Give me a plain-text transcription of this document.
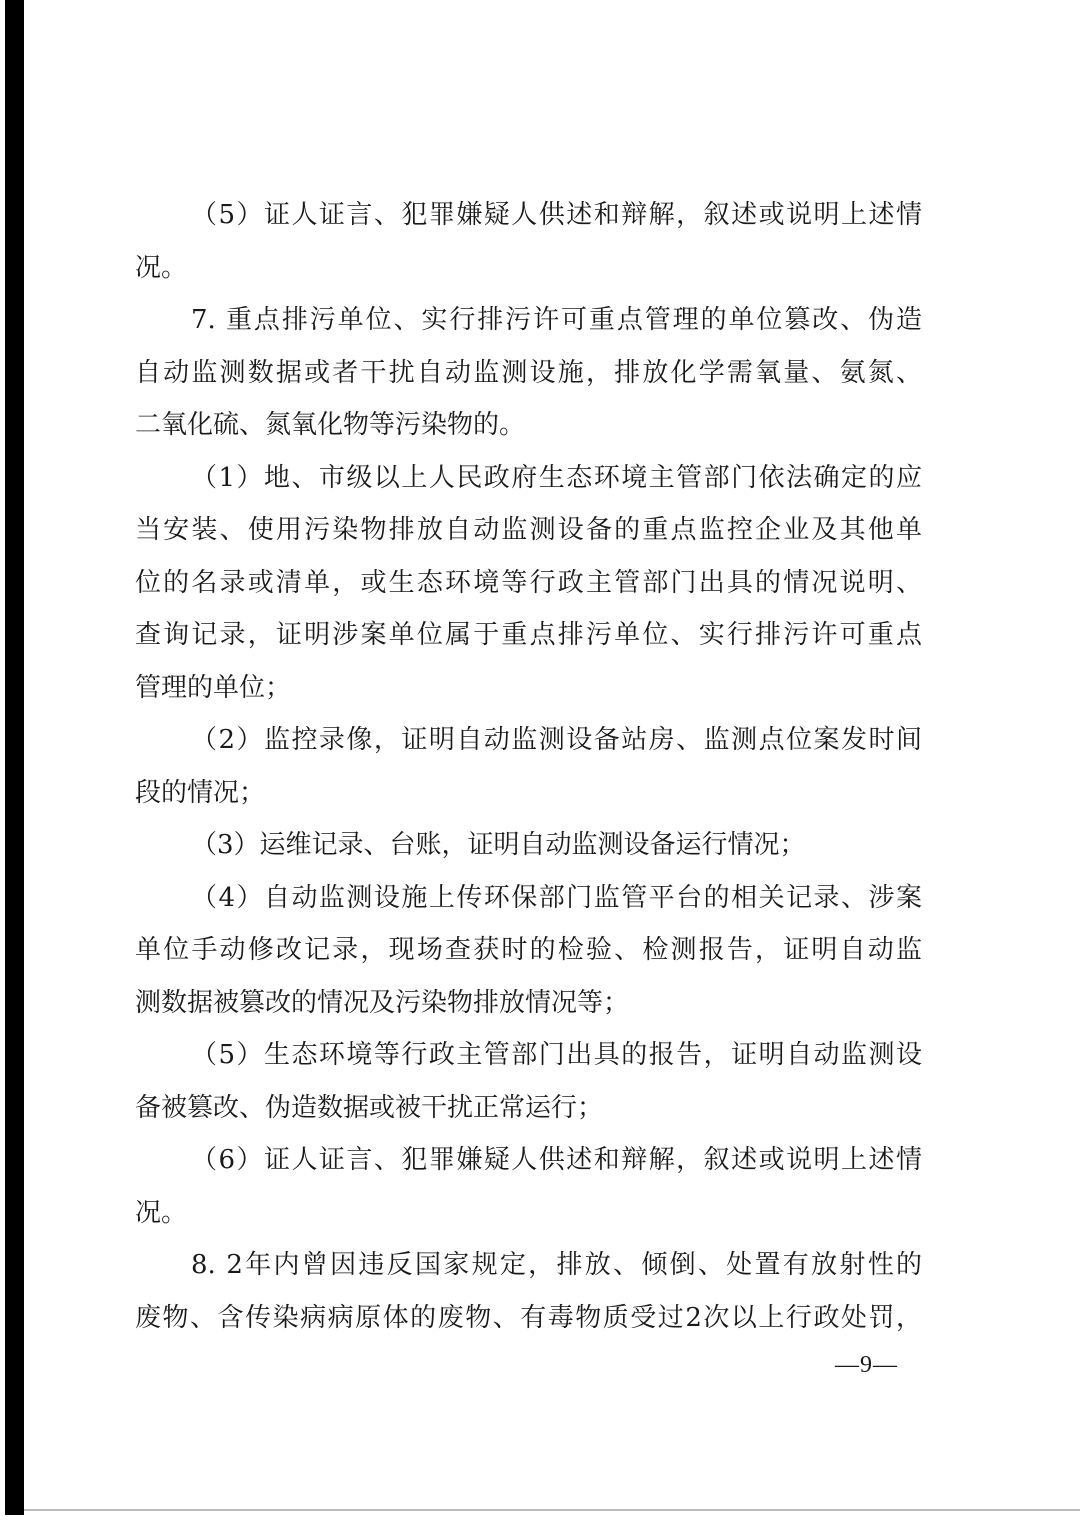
（5）证人证言、犯罪嫌疑人供述和辩解，叙述或说明上述情
况。
7. 重点排污单位、实行排污许可重点管理的单位篡改、伪造
自动监测数据或者干扰自动监测设施，排放化学需氧量、氨氮、
二氧化硫、氮氧化物等污染物的。
（1）地、市级以上人民政府生态环境主管部门依法确定的应
当安装、使用污染物排放自动监测设备的重点监控企业及其他单
位的名录或清单，或生态环境等行政主管部门出具的情况说明、
查询记录，证明涉案单位属于重点排污单位、实行排污许可重点
管理的单位；
（2）监控录像，证明自动监测设备站房、监测点位案发时间
段的情况；
（3）运维记录、台账，证明自动监测设备运行情况；
（4）自动监测设施上传环保部门监管平台的相关记录、涉案
单位手动修改记录，现场查获时的检验、检测报告，证明自动监
测数据被篡改的情况及污染物排放情况等；
（5）生态环境等行政主管部门出具的报告，证明自动监测设
备被篡改、伪造数据或被干扰正常运行；
（6）证人证言、犯罪嫌疑人供述和辩解，叙述或说明上述情
况。
8. 2年内曾因违反国家规定，排放、倾倒、处置有放射性的
废物、含传染病病原体的废物、有毒物质受过2次以上行政处罚，
—9—
